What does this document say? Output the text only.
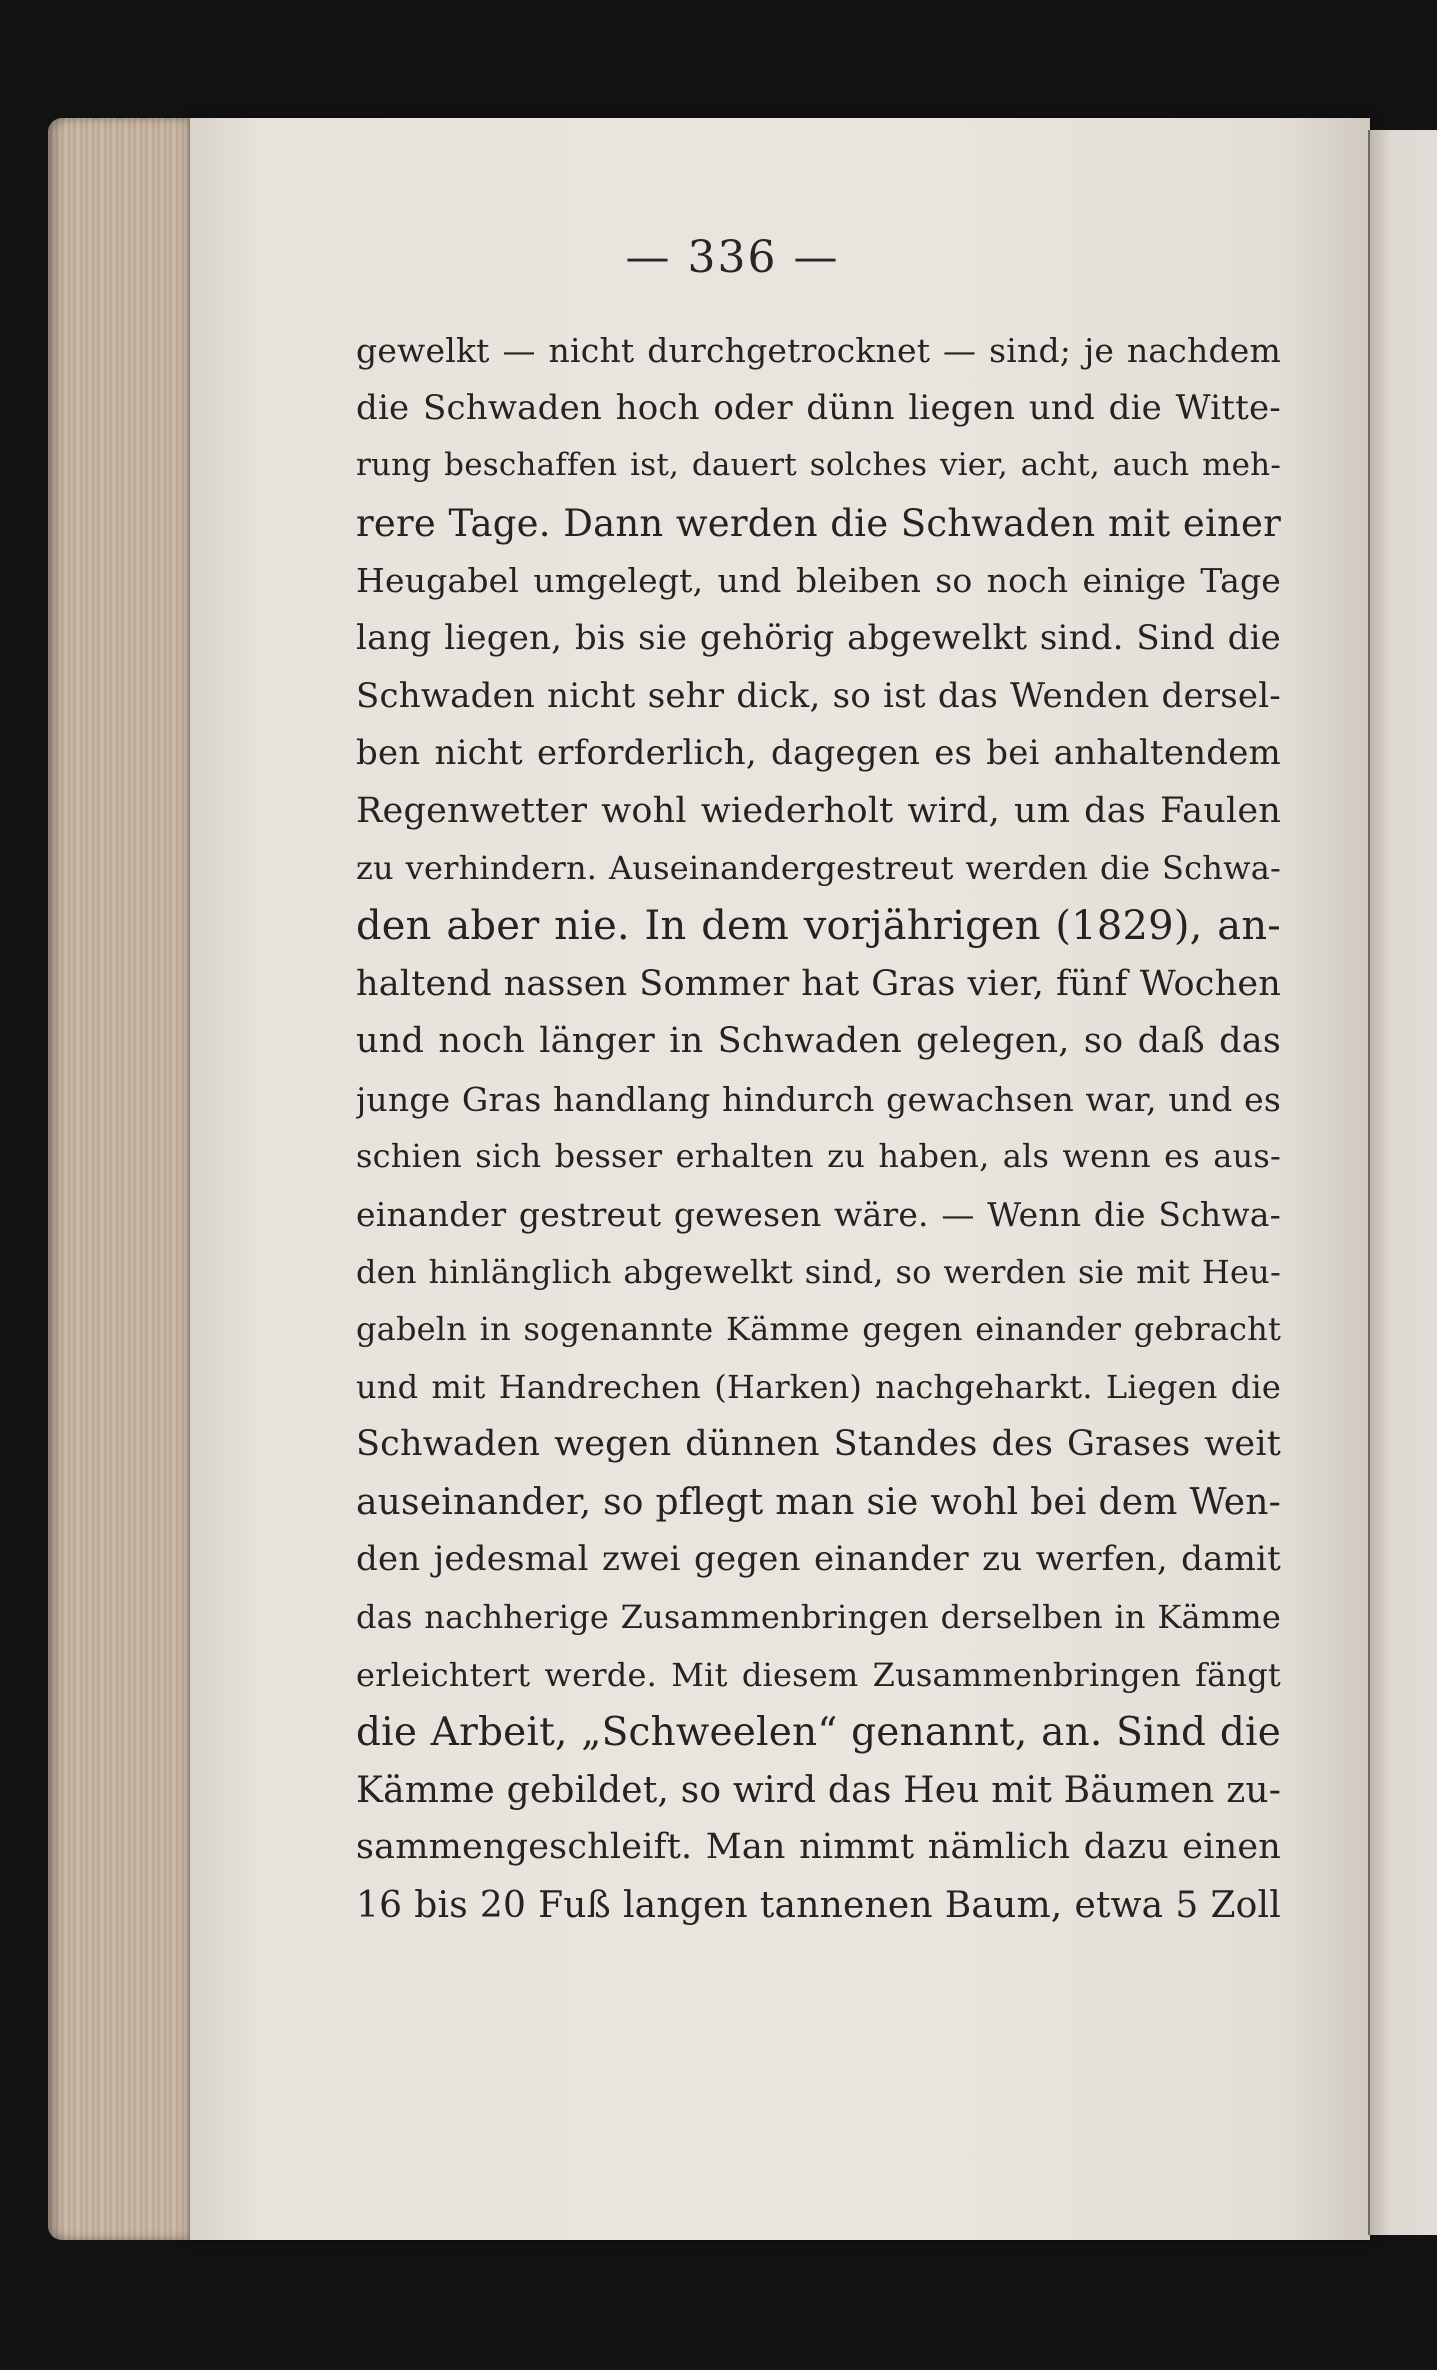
— 336 —
gewelkt — nicht durchgetrocknet — sind; je nachdem
die Schwaden hoch oder dünn liegen und die Witte-
rung beschaffen ist, dauert solches vier, acht, auch meh-
rere Tage. Dann werden die Schwaden mit einer
Heugabel umgelegt, und bleiben so noch einige Tage
lang liegen, bis sie gehörig abgewelkt sind. Sind die
Schwaden nicht sehr dick, so ist das Wenden dersel-
ben nicht erforderlich, dagegen es bei anhaltendem
Regenwetter wohl wiederholt wird, um das Faulen
zu verhindern. Auseinandergestreut werden die Schwa-
den aber nie. In dem vorjährigen (1829), an-
haltend nassen Sommer hat Gras vier, fünf Wochen
und noch länger in Schwaden gelegen, so daß das
junge Gras handlang hindurch gewachsen war, und es
schien sich besser erhalten zu haben, als wenn es aus-
einander gestreut gewesen wäre. — Wenn die Schwa-
den hinlänglich abgewelkt sind, so werden sie mit Heu-
gabeln in sogenannte Kämme gegen einander gebracht
und mit Handrechen (Harken) nachgeharkt. Liegen die
Schwaden wegen dünnen Standes des Grases weit
auseinander, so pflegt man sie wohl bei dem Wen-
den jedesmal zwei gegen einander zu werfen, damit
das nachherige Zusammenbringen derselben in Kämme
erleichtert werde. Mit diesem Zusammenbringen fängt
die Arbeit, „Schweelen“ genannt, an. Sind die
Kämme gebildet, so wird das Heu mit Bäumen zu-
sammengeschleift. Man nimmt nämlich dazu einen
16 bis 20 Fuß langen tannenen Baum, etwa 5 Zoll
